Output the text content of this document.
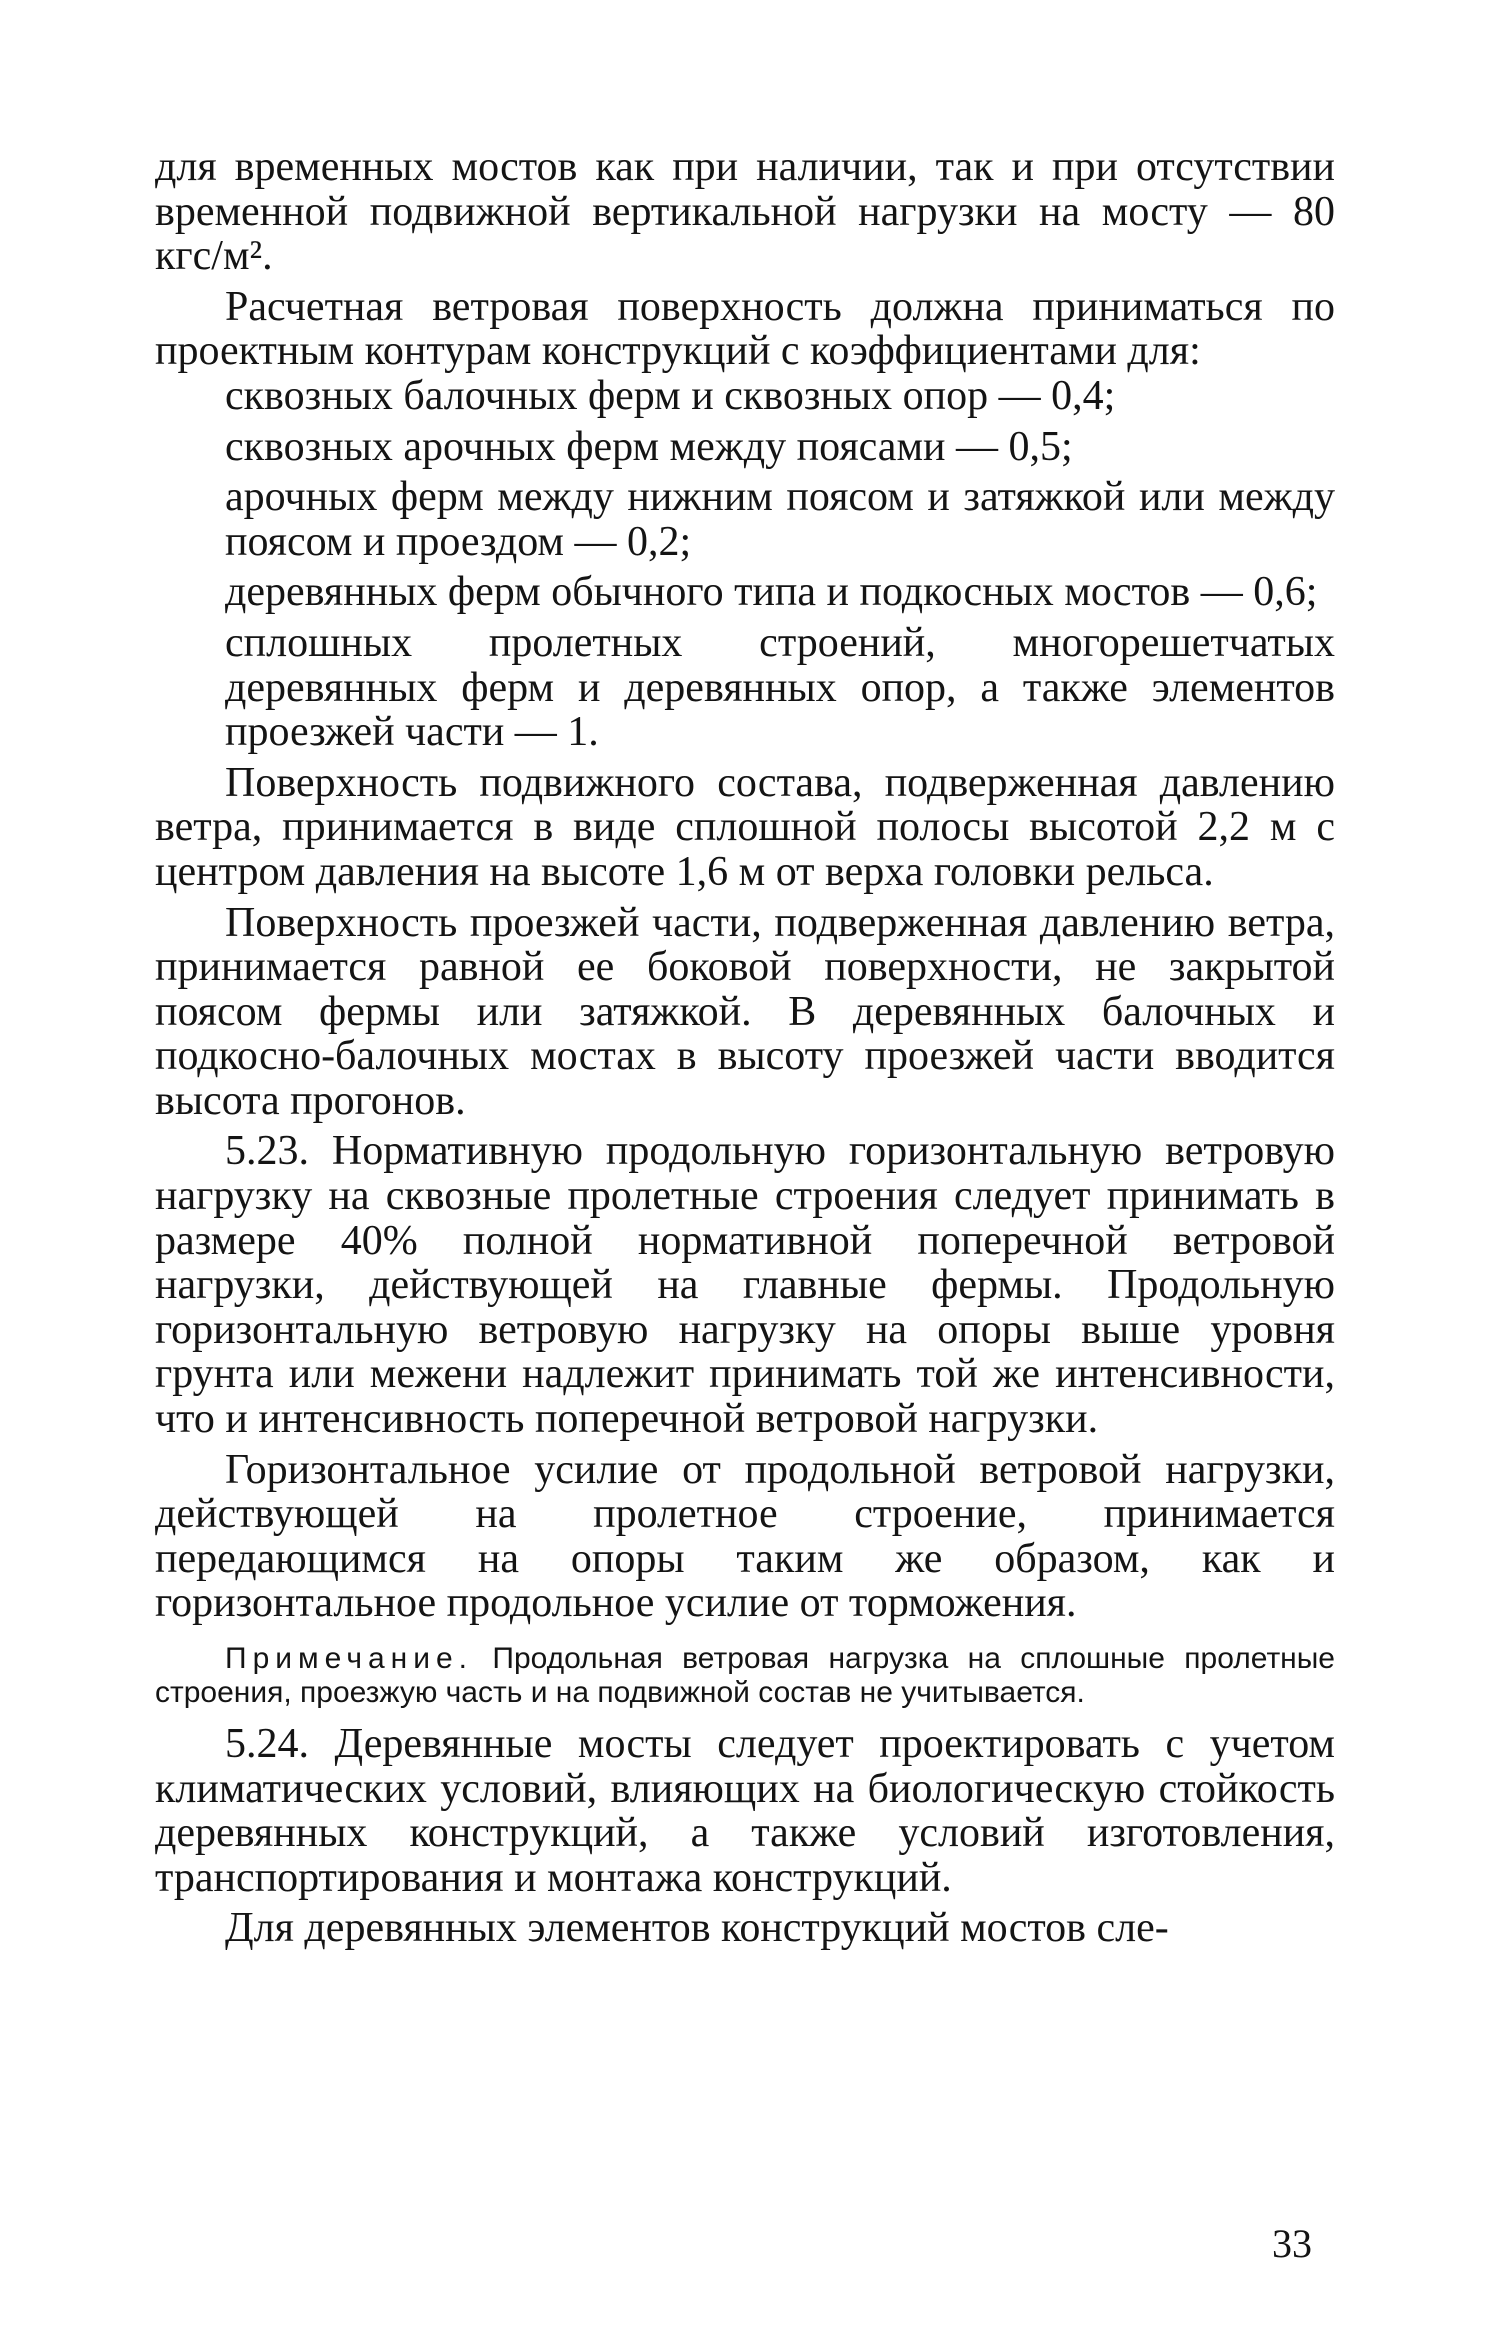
для временных мостов как при наличии, так и при отсутствии временной подвижной вертикальной нагрузки на мосту — 80 кгс/м².

Расчетная ветровая поверхность должна приниматься по проектным контурам конструкций с коэффициентами для:

сквозных балочных ферм и сквозных опор — 0,4;
сквозных арочных ферм между поясами — 0,5;
арочных ферм между нижним поясом и затяжкой или между поясом и проездом — 0,2;
деревянных ферм обычного типа и подкосных мостов — 0,6;
сплошных пролетных строений, многорешетчатых деревянных ферм и деревянных опор, а также элементов проезжей части — 1.

Поверхность подвижного состава, подверженная давлению ветра, принимается в виде сплошной полосы высотой 2,2 м с центром давления на высоте 1,6 м от верха головки рельса.

Поверхность проезжей части, подверженная давлению ветра, принимается равной ее боковой поверхности, не закрытой поясом фермы или затяжкой. В деревянных балочных и подкосно-балочных мостах в высоту проезжей части вводится высота прогонов.

5.23. Нормативную продольную горизонтальную ветровую нагрузку на сквозные пролетные строения следует принимать в размере 40% полной нормативной поперечной ветровой нагрузки, действующей на главные фермы. Продольную горизонтальную ветровую нагрузку на опоры выше уровня грунта или межени надлежит принимать той же интенсивности, что и интенсивность поперечной ветровой нагрузки.

Горизонтальное усилие от продольной ветровой нагрузки, действующей на пролетное строение, принимается передающимся на опоры таким же образом, как и горизонтальное продольное усилие от торможения.

Примечание. Продольная ветровая нагрузка на сплошные пролетные строения, проезжую часть и на подвижной состав не учитывается.

5.24. Деревянные мосты следует проектировать с учетом климатических условий, влияющих на биологическую стойкость деревянных конструкций, а также условий изготовления, транспортирования и монтажа конструкций.

Для деревянных элементов конструкций мостов сле-

33
